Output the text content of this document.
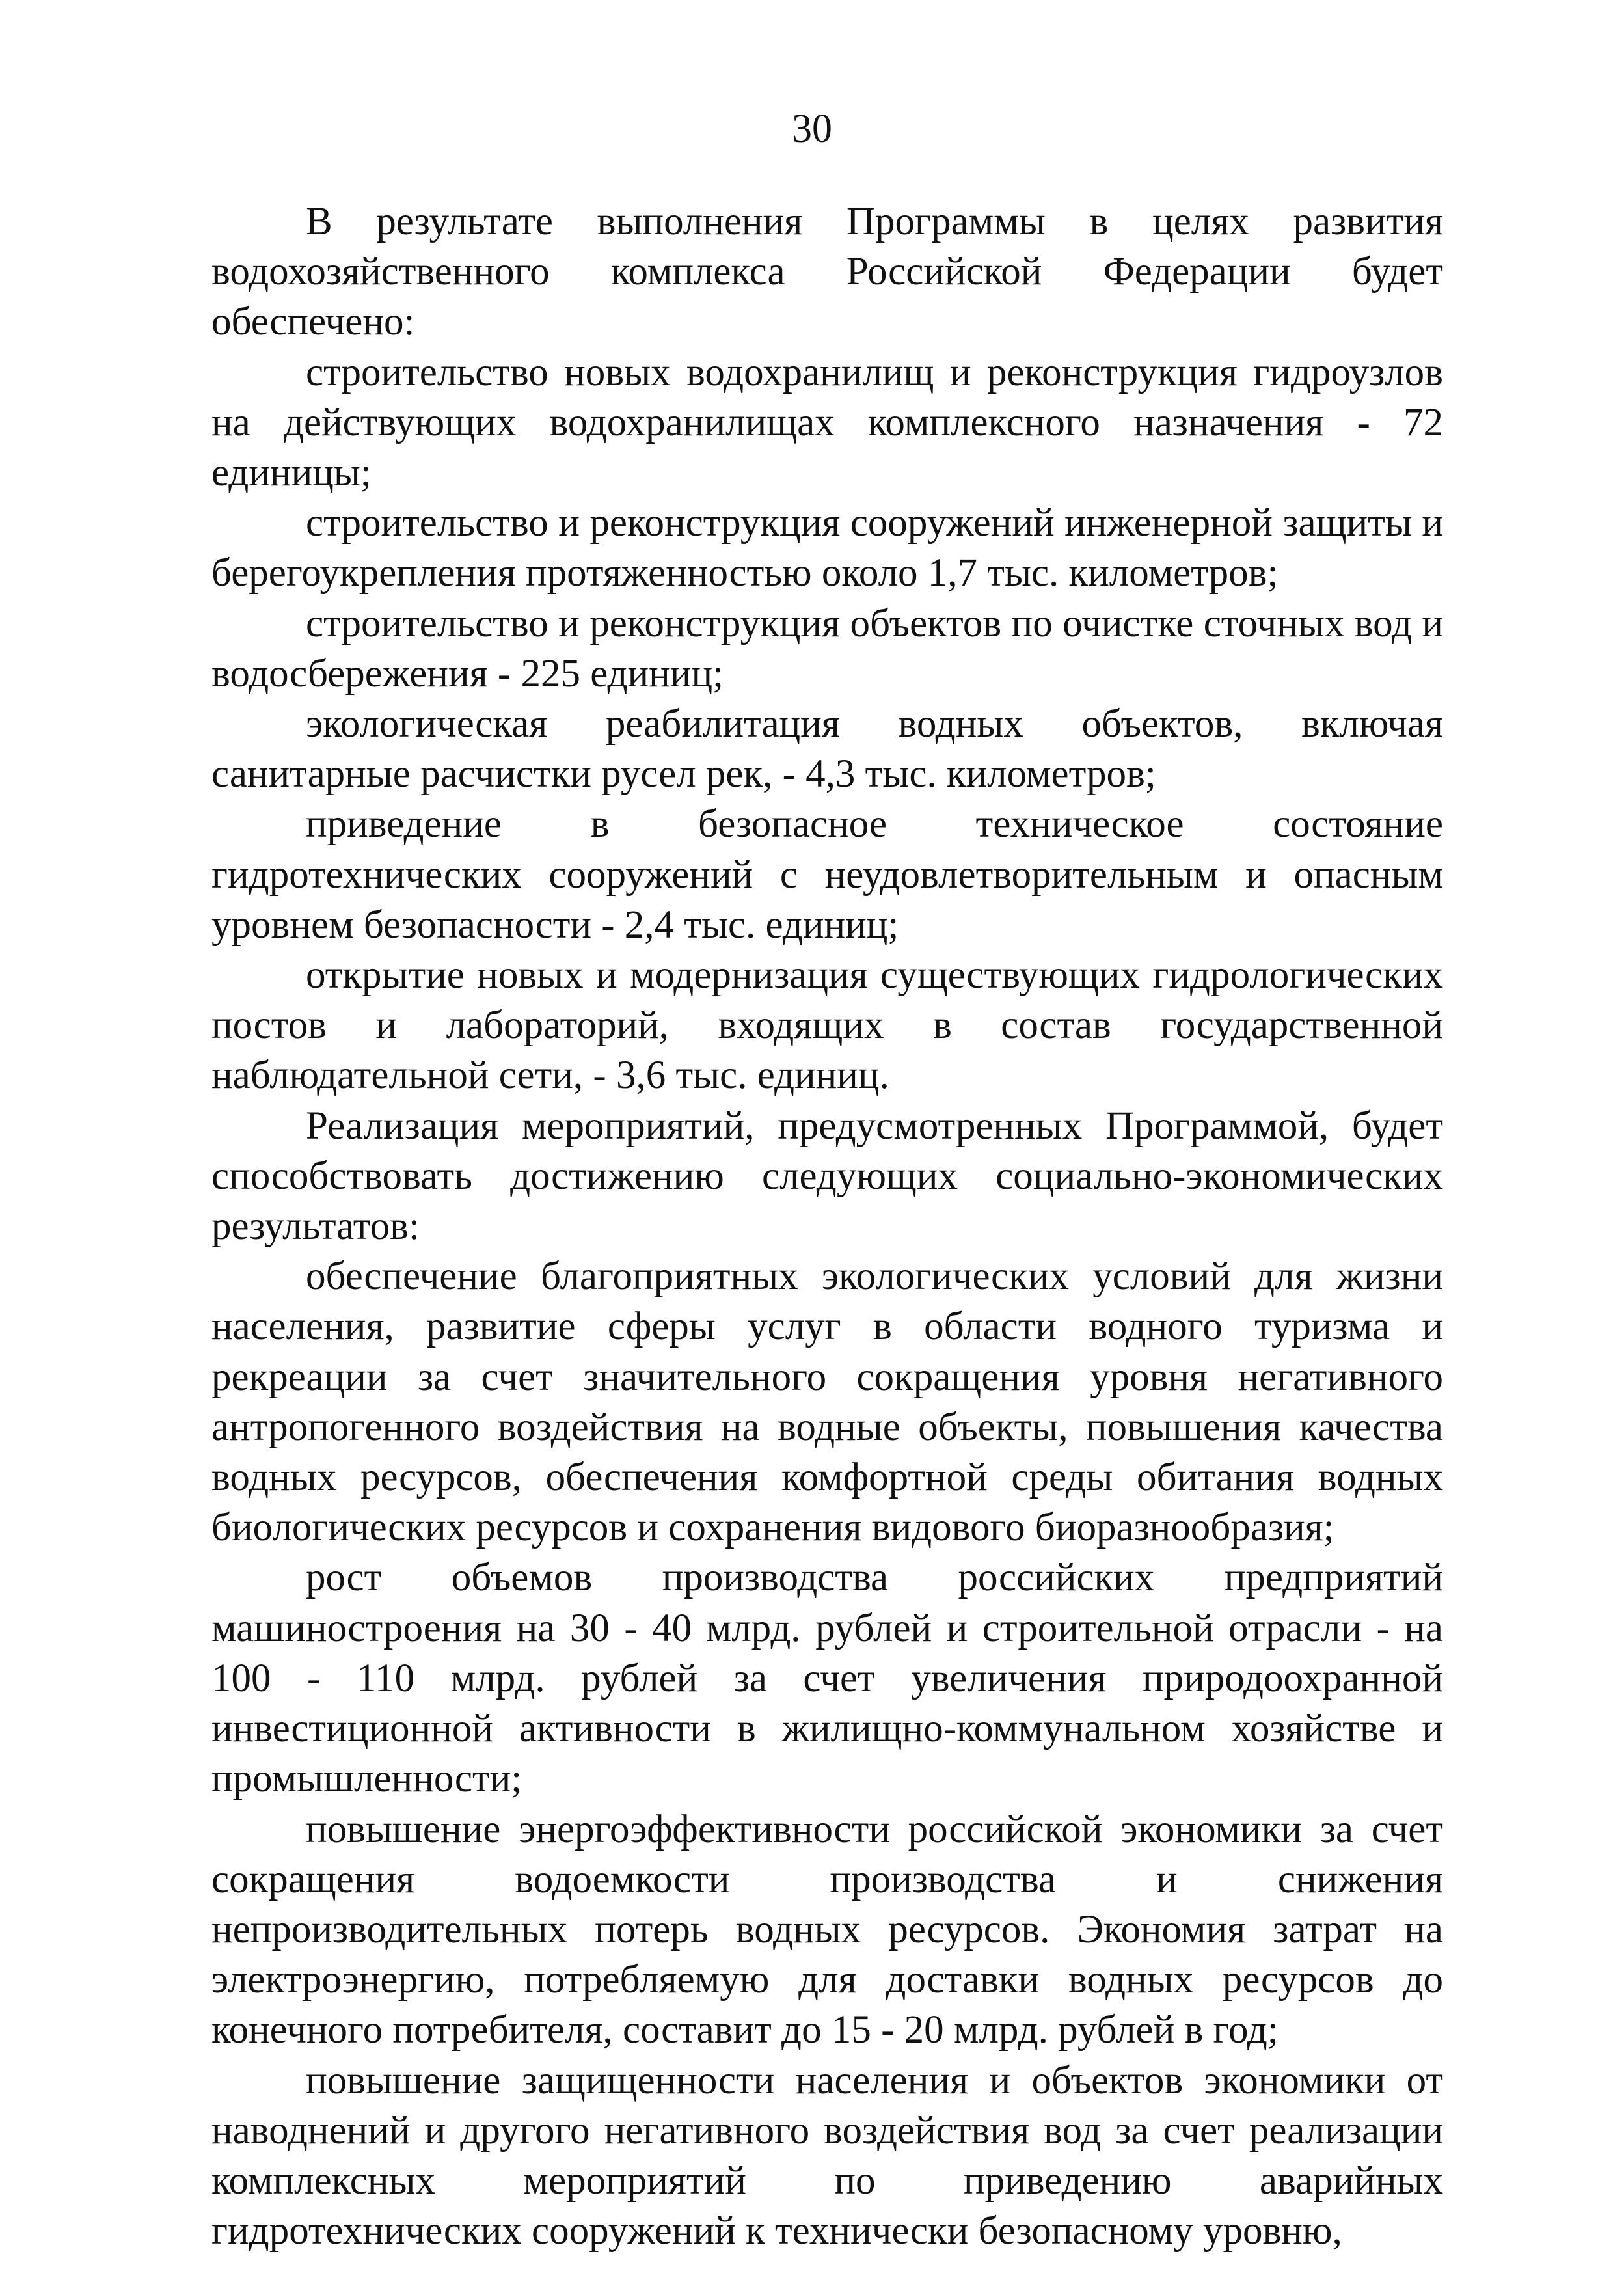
30

В результате выполнения Программы в целях развития водохозяйственного комплекса Российской Федерации будет обеспечено:

строительство новых водохранилищ и реконструкция гидроузлов на действующих водохранилищах комплексного назначения - 72 единицы;

строительство и реконструкция сооружений инженерной защиты и берегоукрепления протяженностью около 1,7 тыс. километров;

строительство и реконструкция объектов по очистке сточных вод и водосбережения - 225 единиц;

экологическая реабилитация водных объектов, включая санитарные расчистки русел рек, - 4,3 тыс. километров;

приведение в безопасное техническое состояние гидротехнических сооружений с неудовлетворительным и опасным уровнем безопасности - 2,4 тыс. единиц;

открытие новых и модернизация существующих гидрологических постов и лабораторий, входящих в состав государственной наблюдательной сети, - 3,6 тыс. единиц.

Реализация мероприятий, предусмотренных Программой, будет способствовать достижению следующих социально-экономических результатов:

обеспечение благоприятных экологических условий для жизни населения, развитие сферы услуг в области водного туризма и рекреации за счет значительного сокращения уровня негативного антропогенного воздействия на водные объекты, повышения качества водных ресурсов, обеспечения комфортной среды обитания водных биологических ресурсов и сохранения видового биоразнообразия;

рост объемов производства российских предприятий машиностроения на 30 - 40 млрд. рублей и строительной отрасли - на 100 - 110 млрд. рублей за счет увеличения природоохранной инвестиционной активности в жилищно-коммунальном хозяйстве и промышленности;

повышение энергоэффективности российской экономики за счет сокращения водоемкости производства и снижения непроизводительных потерь водных ресурсов. Экономия затрат на электроэнергию, потребляемую для доставки водных ресурсов до конечного потребителя, составит до 15 - 20 млрд. рублей в год;

повышение защищенности населения и объектов экономики от наводнений и другого негативного воздействия вод за счет реализации комплексных мероприятий по приведению аварийных гидротехнических сооружений к технически безопасному уровню,
